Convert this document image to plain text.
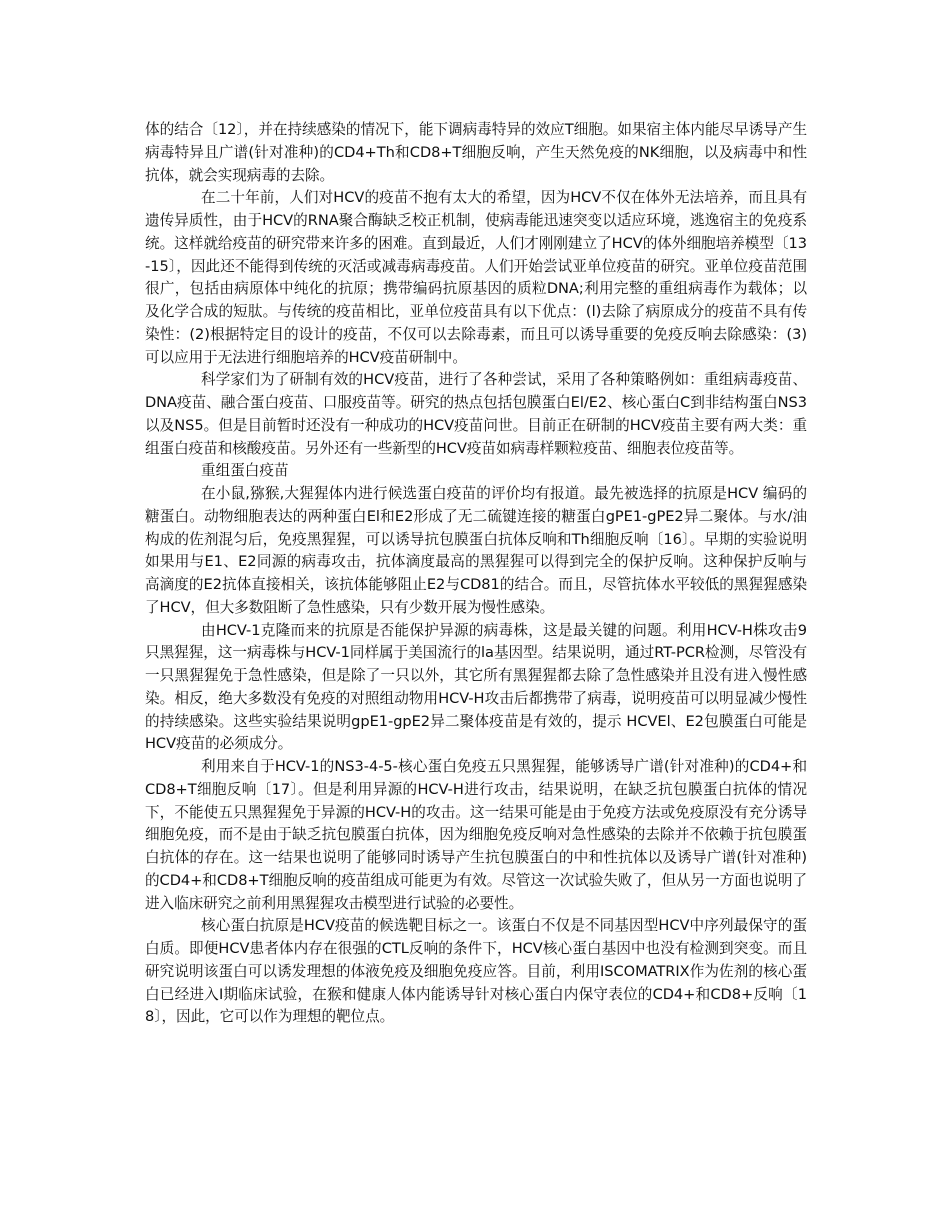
体的结合〔12〕，并在持续感染的情况下，能下调病毒特异的效应T细胞。如果宿主体内能尽早诱导产生病毒特异且广谱(针对准种)的CD4+Th和CD8+T细胞反响，产生天然免疫的NK细胞，以及病毒中和性抗体，就会实现病毒的去除。

在二十年前，人们对HCV的疫苗不抱有太大的希望，因为HCV不仅在体外无法培养，而且具有遗传异质性，由于HCV的RNA聚合酶缺乏校正机制，使病毒能迅速突变以适应环境，逃逸宿主的免疫系统。这样就给疫苗的研究带来许多的困难。直到最近，人们才刚刚建立了HCV的体外细胞培养模型〔13-15〕，因此还不能得到传统的灭活或减毒病毒疫苗。人们开始尝试亚单位疫苗的研究。亚单位疫苗范围很广，包括由病原体中纯化的抗原；携带编码抗原基因的质粒DNA;利用完整的重组病毒作为载体；以及化学合成的短肽。与传统的疫苗相比，亚单位疫苗具有以下优点：(l)去除了病原成分的疫苗不具有传染性：(2)根据特定目的设计的疫苗，不仅可以去除毒素，而且可以诱导重要的免疫反响去除感染：(3)可以应用于无法进行细胞培养的HCV疫苗研制中。

科学家们为了研制有效的HCV疫苗，进行了各种尝试，采用了各种策略例如：重组病毒疫苗、DNA疫苗、融合蛋白疫苗、口服疫苗等。研究的热点包括包膜蛋白El/E2、核心蛋白C到非结构蛋白NS3以及NS5。但是目前暂时还没有一种成功的HCV疫苗问世。目前正在研制的HCV疫苗主要有两大类：重组蛋白疫苗和核酸疫苗。另外还有一些新型的HCV疫苗如病毒样颗粒疫苗、细胞表位疫苗等。

重组蛋白疫苗

在小鼠,猕猴,大猩猩体内进行候选蛋白疫苗的评价均有报道。最先被选择的抗原是HCV 编码的糖蛋白。动物细胞表达的两种蛋白El和E2形成了无二硫键连接的糖蛋白gPE1-gPE2异二聚体。与水/油构成的佐剂混匀后，免疫黑猩猩，可以诱导抗包膜蛋白抗体反响和Th细胞反响〔16〕。早期的实验说明如果用与E1、E2同源的病毒攻击，抗体滴度最高的黑猩猩可以得到完全的保护反响。这种保护反响与高滴度的E2抗体直接相关，该抗体能够阻止E2与CD81的结合。而且，尽管抗体水平较低的黑猩猩感染了HCV，但大多数阻断了急性感染，只有少数开展为慢性感染。

由HCV-1克隆而来的抗原是否能保护异源的病毒株，这是最关键的问题。利用HCV-H株攻击9只黑猩猩，这一病毒株与HCV-1同样属于美国流行的la基因型。结果说明，通过RT-PCR检测，尽管没有一只黑猩猩免于急性感染，但是除了一只以外，其它所有黑猩猩都去除了急性感染并且没有进入慢性感染。相反，绝大多数没有免疫的对照组动物用HCV-H攻击后都携带了病毒，说明疫苗可以明显减少慢性的持续感染。这些实验结果说明gpE1-gpE2异二聚体疫苗是有效的，提示 HCVEl、E2包膜蛋白可能是HCV疫苗的必须成分。

利用来自于HCV-1的NS3-4-5-核心蛋白免疫五只黑猩猩，能够诱导广谱(针对准种)的CD4+和CD8+T细胞反响〔17〕。但是利用异源的HCV-H进行攻击，结果说明，在缺乏抗包膜蛋白抗体的情况下，不能使五只黑猩猩免于异源的HCV-H的攻击。这一结果可能是由于免疫方法或免疫原没有充分诱导细胞免疫，而不是由于缺乏抗包膜蛋白抗体，因为细胞免疫反响对急性感染的去除并不依赖于抗包膜蛋白抗体的存在。这一结果也说明了能够同时诱导产生抗包膜蛋白的中和性抗体以及诱导广谱(针对准种)的CD4+和CD8+T细胞反响的疫苗组成可能更为有效。尽管这一次试验失败了，但从另一方面也说明了进入临床研究之前利用黑猩猩攻击模型进行试验的必要性。

核心蛋白抗原是HCV疫苗的候选靶目标之一。该蛋白不仅是不同基因型HCV中序列最保守的蛋白质。即便HCV患者体内存在很强的CTL反响的条件下，HCV核心蛋白基因中也没有检测到突变。而且研究说明该蛋白可以诱发理想的体液免疫及细胞免疫应答。目前，利用ISCOMATRIX作为佐剂的核心蛋白已经进入I期临床试验，在猴和健康人体内能诱导针对核心蛋白内保守表位的CD4+和CD8+反响〔18〕，因此，它可以作为理想的靶位点。
